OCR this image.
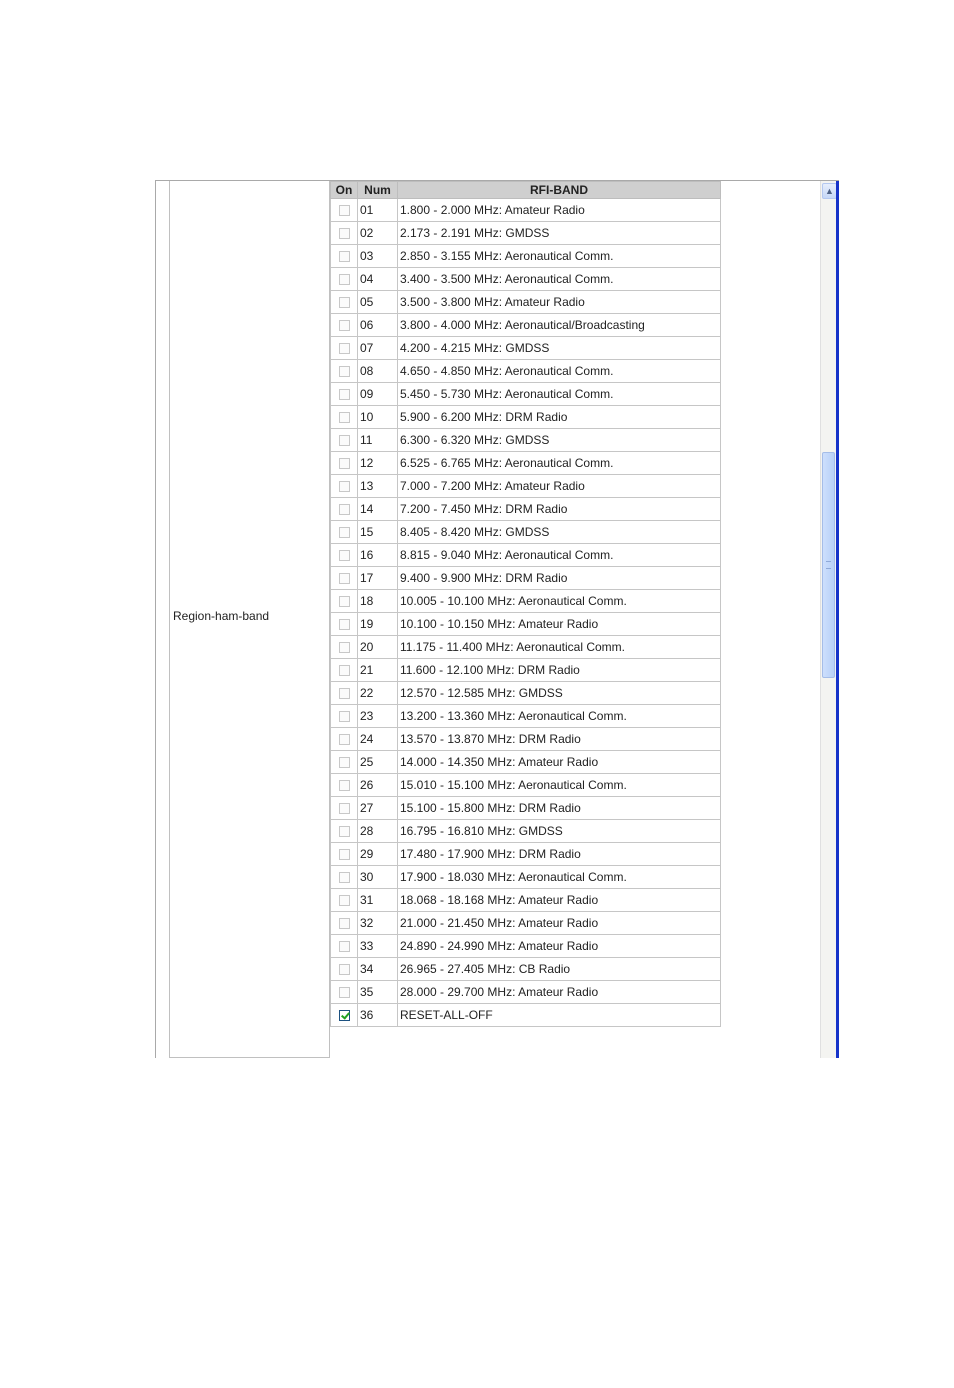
Region-ham-band
On	Num	RFI-BAND
	01	1.800 - 2.000 MHz: Amateur Radio
	02	2.173 - 2.191 MHz: GMDSS
	03	2.850 - 3.155 MHz: Aeronautical Comm.
	04	3.400 - 3.500 MHz: Aeronautical Comm.
	05	3.500 - 3.800 MHz: Amateur Radio
	06	3.800 - 4.000 MHz: Aeronautical/Broadcasting
	07	4.200 - 4.215 MHz: GMDSS
	08	4.650 - 4.850 MHz: Aeronautical Comm.
	09	5.450 - 5.730 MHz: Aeronautical Comm.
	10	5.900 - 6.200 MHz: DRM Radio
	11	6.300 - 6.320 MHz: GMDSS
	12	6.525 - 6.765 MHz: Aeronautical Comm.
	13	7.000 - 7.200 MHz: Amateur Radio
	14	7.200 - 7.450 MHz: DRM Radio
	15	8.405 - 8.420 MHz: GMDSS
	16	8.815 - 9.040 MHz: Aeronautical Comm.
	17	9.400 - 9.900 MHz: DRM Radio
	18	10.005 - 10.100 MHz: Aeronautical Comm.
	19	10.100 - 10.150 MHz: Amateur Radio
	20	11.175 - 11.400 MHz: Aeronautical Comm.
	21	11.600 - 12.100 MHz: DRM Radio
	22	12.570 - 12.585 MHz: GMDSS
	23	13.200 - 13.360 MHz: Aeronautical Comm.
	24	13.570 - 13.870 MHz: DRM Radio
	25	14.000 - 14.350 MHz: Amateur Radio
	26	15.010 - 15.100 MHz: Aeronautical Comm.
	27	15.100 - 15.800 MHz: DRM Radio
	28	16.795 - 16.810 MHz: GMDSS
	29	17.480 - 17.900 MHz: DRM Radio
	30	17.900 - 18.030 MHz: Aeronautical Comm.
	31	18.068 - 18.168 MHz: Amateur Radio
	32	21.000 - 21.450 MHz: Amateur Radio
	33	24.890 - 24.990 MHz: Amateur Radio
	34	26.965 - 27.405 MHz: CB Radio
	35	28.000 - 29.700 MHz: Amateur Radio
	36	RESET-ALL-OFF
▲
